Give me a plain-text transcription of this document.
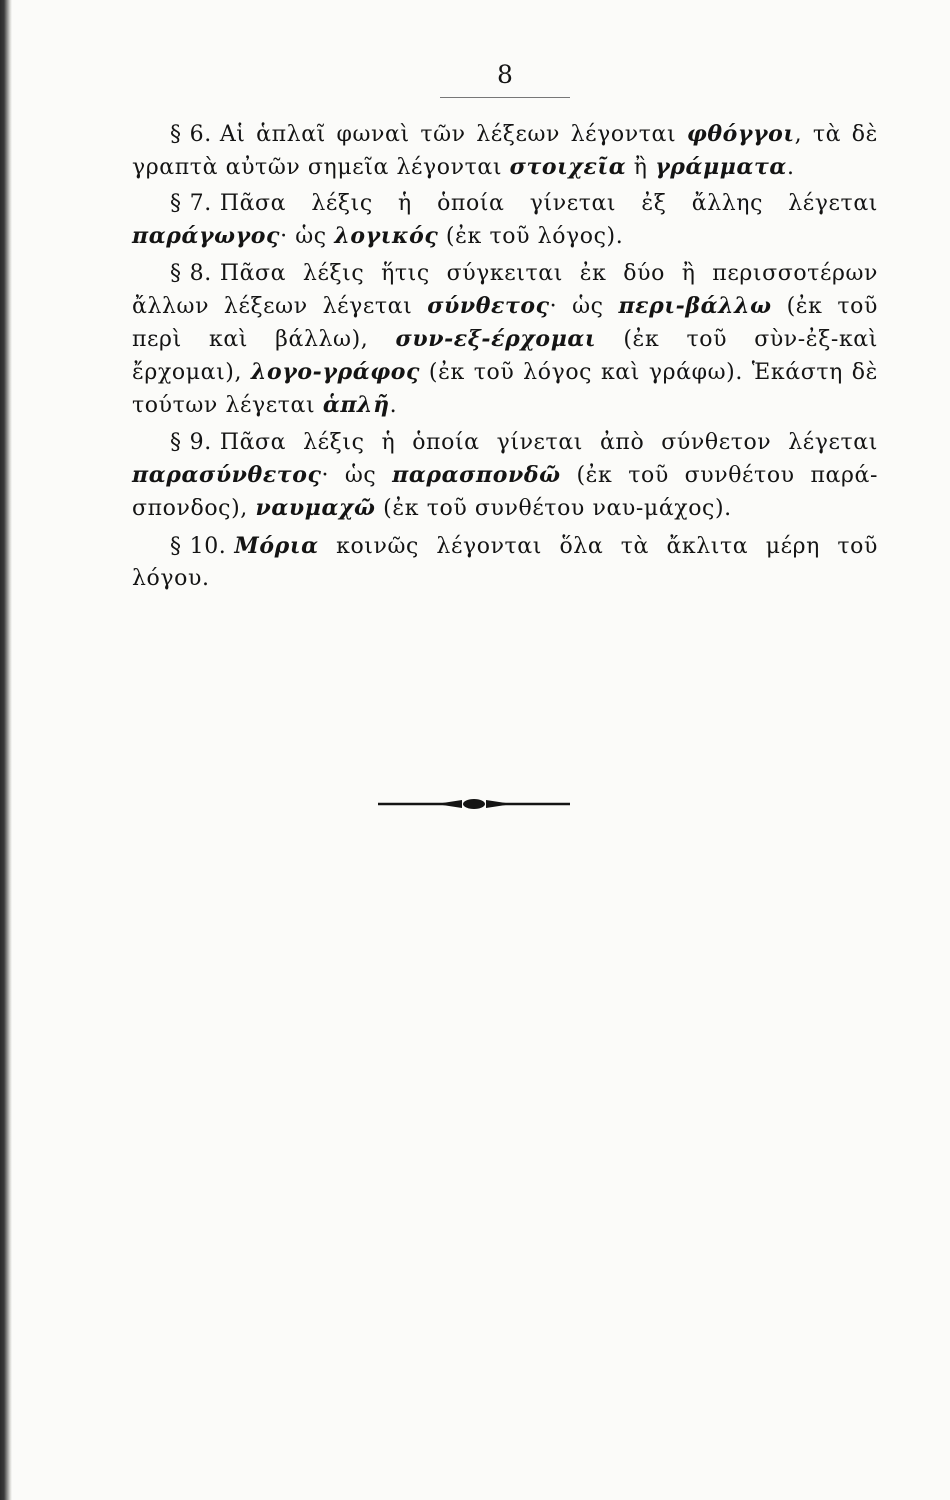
8

§ 6. Αἱ ἁπλαῖ φωναὶ τῶν λέξεων λέγονται φθόγγοι, τὰ δὲ γραπτὰ αὐτῶν σημεῖα λέγονται στοιχεῖα ἢ γράμματα.

§ 7. Πᾶσα λέξις ἡ ὁποία γίνεται ἐξ ἄλλης λέγεται παράγωγος· ὡς λογικός (ἐκ τοῦ λόγος).

§ 8. Πᾶσα λέξις ἥτις σύγκειται ἐκ δύο ἢ περισσοτέρων ἄλλων λέξεων λέγεται σύνθετος· ὡς περι-βάλλω (ἐκ τοῦ περὶ καὶ βάλλω), συν-εξ-έρχομαι (ἐκ τοῦ σὺν-ἐξ-καὶ ἔρχομαι), λογο-γράφος (ἐκ τοῦ λόγος καὶ γράφω). Ἑκάστη δὲ τούτων λέγεται ἁπλῆ.

§ 9. Πᾶσα λέξις ἡ ὁποία γίνεται ἀπὸ σύνθετον λέγεται παρασύνθετος· ὡς παρασπονδῶ (ἐκ τοῦ συνθέτου παρά-σπονδος), ναυμαχῶ (ἐκ τοῦ συνθέτου ναυ-μάχος).

§ 10. Μόρια κοινῶς λέγονται ὅλα τὰ ἄκλιτα μέρη τοῦ λόγου.
